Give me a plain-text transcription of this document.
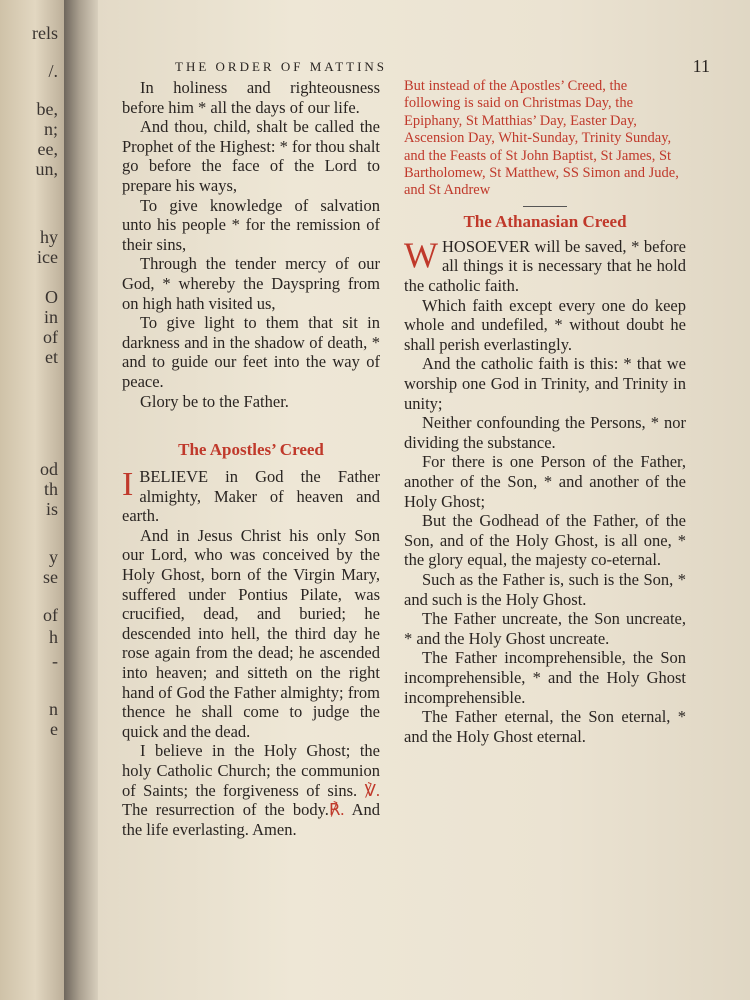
rels
/.
be,
n;
ee,
un,
hy
ice
O
in
of
et
od
th
is
y
se
of
h
-
n
e
THE ORDER OF MATTINS	11

In holiness and righteousness before him * all the days of our life.

And thou, child, shalt be called the Prophet of the Highest: * for thou shalt go before the face of the Lord to prepare his ways,

To give knowledge of salvation unto his people * for the remission of their sins,

Through the tender mercy of our God, * whereby the Dayspring from on high hath visited us,

To give light to them that sit in darkness and in the shadow of death, * and to guide our feet into the way of peace.

Glory be to the Father.

The Apostles’ Creed

IBELIEVE in God the Father almighty, Maker of heaven and earth.

And in Jesus Christ his only Son our Lord, who was conceived by the Holy Ghost, born of the Virgin Mary, suffered under Pontius Pilate, was crucified, dead, and buried; he descended into hell, the third day he rose again from the dead; he ascended into heaven; and sitteth on the right hand of God the Father almighty; from thence he shall come to judge the quick and the dead.

I believe in the Holy Ghost; the holy Catholic Church; the communion of Saints; the forgiveness of sins. ℣. The resurrection of the body.℟. And the life everlasting. Amen.

But instead of the Apostles’ Creed, the following is said on Christmas Day, the Epiphany, St Matthias’ Day, Easter Day, Ascension Day, Whit-Sunday, Trinity Sunday, and the Feasts of St John Baptist, St James, St Bartholomew, St Matthew, SS Simon and Jude, and St Andrew

The Athanasian Creed

WHOSOEVER will be saved, * before all things it is necessary that he hold the catholic faith.

Which faith except every one do keep whole and undefiled, * without doubt he shall perish everlastingly.

And the catholic faith is this: * that we worship one God in Trinity, and Trinity in unity;

Neither confounding the Persons, * nor dividing the substance.

For there is one Person of the Father, another of the Son, * and another of the Holy Ghost;

But the Godhead of the Father, of the Son, and of the Holy Ghost, is all one, * the glory equal, the majesty co-eternal.

Such as the Father is, such is the Son, * and such is the Holy Ghost.

The Father uncreate, the Son uncreate, * and the Holy Ghost uncreate.

The Father incomprehensible, the Son incomprehensible, * and the Holy Ghost incomprehensible.

The Father eternal, the Son eternal, * and the Holy Ghost eternal.
